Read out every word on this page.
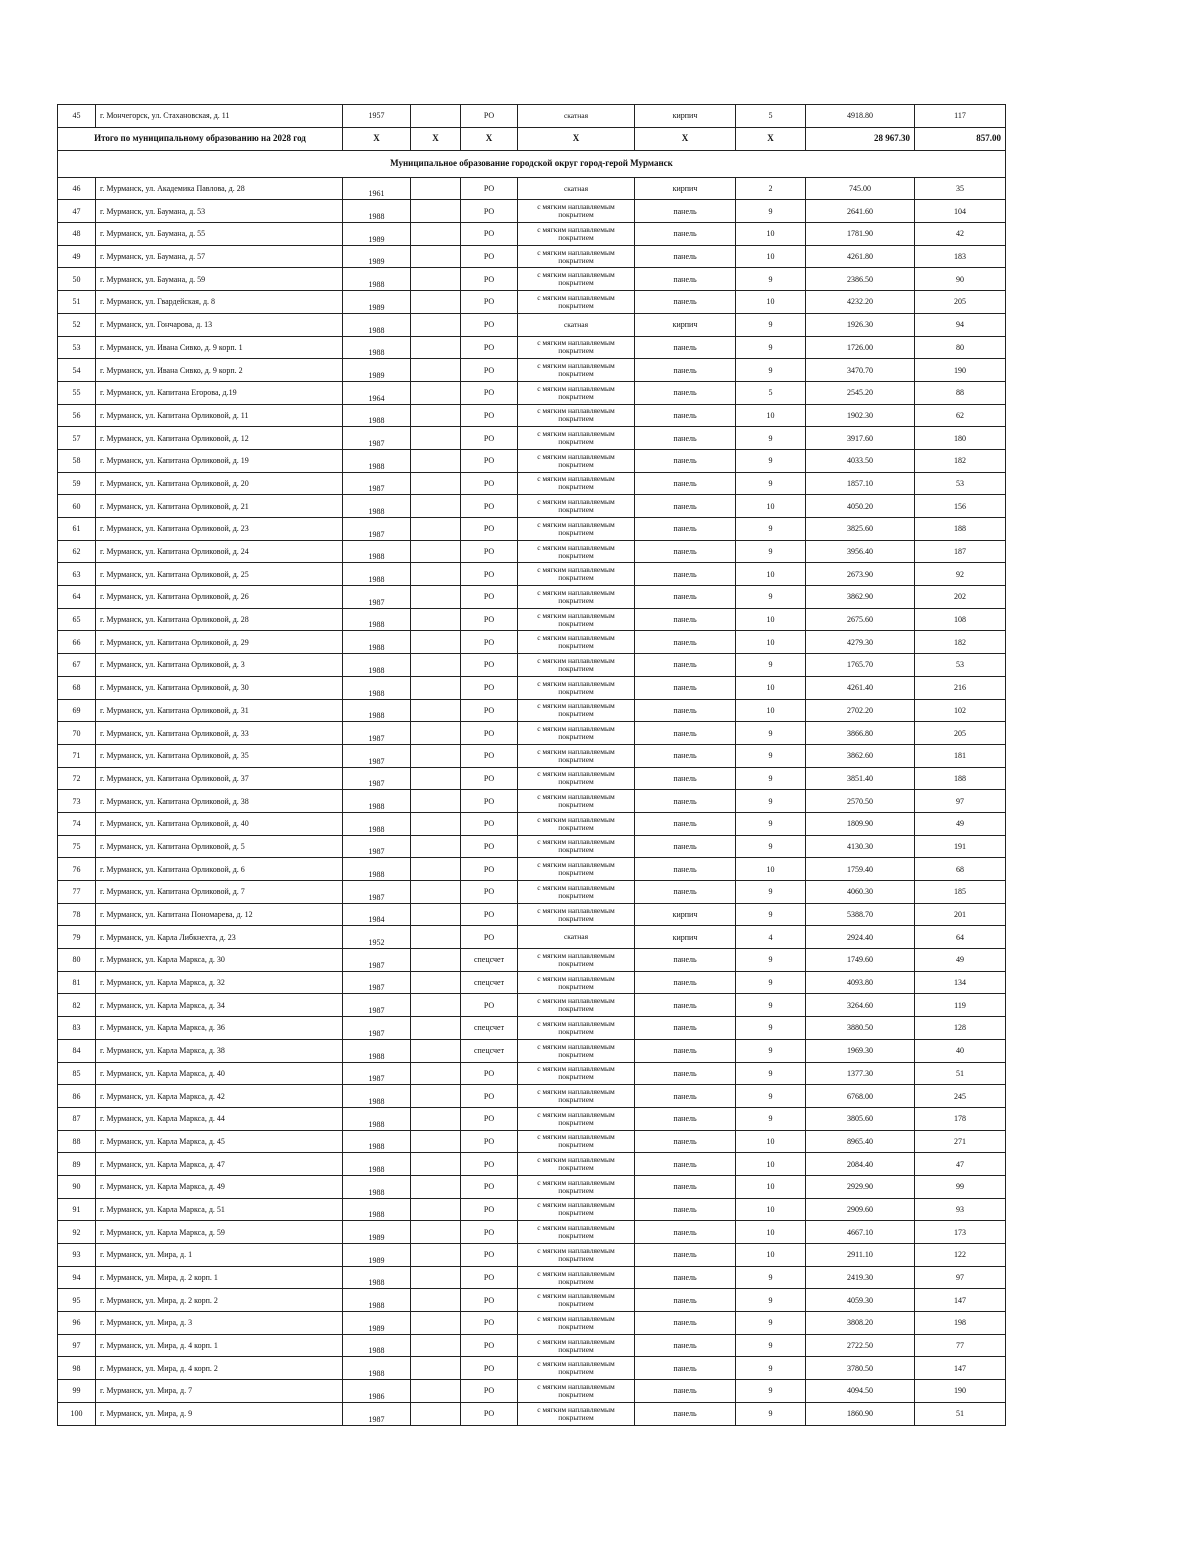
45	г. Мончегорск, ул. Стахановская, д. 11	1957		РО	скатная	кирпич	5	4918.80	117
Итого по муниципальному образованию на 2028 год		X	X	X	X	X	X	28 967.30	857.00
Муниципальное образование городской округ город-герой Мурманск									
46	г. Мурманск, ул. Академика Павлова, д. 28	1961		РО	скатная	кирпич	2	745.00	35
47	г. Мурманск, ул. Баумана, д. 53	1988		РО	с мягким наплавляемым покрытием	панель	9	2641.60	104
48	г. Мурманск, ул. Баумана, д. 55	1989		РО	с мягким наплавляемым покрытием	панель	10	1781.90	42
49	г. Мурманск, ул. Баумана, д. 57	1989		РО	с мягким наплавляемым покрытием	панель	10	4261.80	183
50	г. Мурманск, ул. Баумана, д. 59	1988		РО	с мягким наплавляемым покрытием	панель	9	2386.50	90
51	г. Мурманск, ул. Гвардейская, д. 8	1989		РО	с мягким наплавляемым покрытием	панель	10	4232.20	205
52	г. Мурманск, ул. Гончарова, д. 13	1988		РО	скатная	кирпич	9	1926.30	94
53	г. Мурманск, ул. Ивана Сивко, д. 9 корп. 1	1988		РО	с мягким наплавляемым покрытием	панель	9	1726.00	80
54	г. Мурманск, ул. Ивана Сивко, д. 9 корп. 2	1989		РО	с мягким наплавляемым покрытием	панель	9	3470.70	190
55	г. Мурманск, ул. Капитана Егорова, д.19	1964		РО	с мягким наплавляемым покрытием	панель	5	2545.20	88
56	г. Мурманск, ул. Капитана Орликовой, д. 11	1988		РО	с мягким наплавляемым покрытием	панель	10	1902.30	62
57	г. Мурманск, ул. Капитана Орликовой, д. 12	1987		РО	с мягким наплавляемым покрытием	панель	9	3917.60	180
58	г. Мурманск, ул. Капитана Орликовой, д. 19	1988		РО	с мягким наплавляемым покрытием	панель	9	4033.50	182
59	г. Мурманск, ул. Капитана Орликовой, д. 20	1987		РО	с мягким наплавляемым покрытием	панель	9	1857.10	53
60	г. Мурманск, ул. Капитана Орликовой, д. 21	1988		РО	с мягким наплавляемым покрытием	панель	10	4050.20	156
61	г. Мурманск, ул. Капитана Орликовой, д. 23	1987		РО	с мягким наплавляемым покрытием	панель	9	3825.60	188
62	г. Мурманск, ул. Капитана Орликовой, д. 24	1988		РО	с мягким наплавляемым покрытием	панель	9	3956.40	187
63	г. Мурманск, ул. Капитана Орликовой, д. 25	1988		РО	с мягким наплавляемым покрытием	панель	10	2673.90	92
64	г. Мурманск, ул. Капитана Орликовой, д. 26	1987		РО	с мягким наплавляемым покрытием	панель	9	3862.90	202
65	г. Мурманск, ул. Капитана Орликовой, д. 28	1988		РО	с мягким наплавляемым покрытием	панель	10	2675.60	108
66	г. Мурманск, ул. Капитана Орликовой, д. 29	1988		РО	с мягким наплавляемым покрытием	панель	10	4279.30	182
67	г. Мурманск, ул. Капитана Орликовой, д. 3	1988		РО	с мягким наплавляемым покрытием	панель	9	1765.70	53
68	г. Мурманск, ул. Капитана Орликовой, д. 30	1988		РО	с мягким наплавляемым покрытием	панель	10	4261.40	216
69	г. Мурманск, ул. Капитана Орликовой, д. 31	1988		РО	с мягким наплавляемым покрытием	панель	10	2702.20	102
70	г. Мурманск, ул. Капитана Орликовой, д. 33	1987		РО	с мягким наплавляемым покрытием	панель	9	3866.80	205
71	г. Мурманск, ул. Капитана Орликовой, д. 35	1987		РО	с мягким наплавляемым покрытием	панель	9	3862.60	181
72	г. Мурманск, ул. Капитана Орликовой, д. 37	1987		РО	с мягким наплавляемым покрытием	панель	9	3851.40	188
73	г. Мурманск, ул. Капитана Орликовой, д. 38	1988		РО	с мягким наплавляемым покрытием	панель	9	2570.50	97
74	г. Мурманск, ул. Капитана Орликовой, д. 40	1988		РО	с мягким наплавляемым покрытием	панель	9	1809.90	49
75	г. Мурманск, ул. Капитана Орликовой, д. 5	1987		РО	с мягким наплавляемым покрытием	панель	9	4130.30	191
76	г. Мурманск, ул. Капитана Орликовой, д. 6	1988		РО	с мягким наплавляемым покрытием	панель	10	1759.40	68
77	г. Мурманск, ул. Капитана Орликовой, д. 7	1987		РО	с мягким наплавляемым покрытием	панель	9	4060.30	185
78	г. Мурманск, ул. Капитана Пономарева, д. 12	1984		РО	с мягким наплавляемым покрытием	кирпич	9	5388.70	201
79	г. Мурманск, ул. Карла Либкнехта, д. 23	1952		РО	скатная	кирпич	4	2924.40	64
80	г. Мурманск, ул. Карла Маркса, д. 30	1987		спецсчет	с мягким наплавляемым покрытием	панель	9	1749.60	49
81	г. Мурманск, ул. Карла Маркса, д. 32	1987		спецсчет	с мягким наплавляемым покрытием	панель	9	4093.80	134
82	г. Мурманск, ул. Карла Маркса, д. 34	1987		РО	с мягким наплавляемым покрытием	панель	9	3264.60	119
83	г. Мурманск, ул. Карла Маркса, д. 36	1987		спецсчет	с мягким наплавляемым покрытием	панель	9	3880.50	128
84	г. Мурманск, ул. Карла Маркса, д. 38	1988		спецсчет	с мягким наплавляемым покрытием	панель	9	1969.30	40
85	г. Мурманск, ул. Карла Маркса, д. 40	1987		РО	с мягким наплавляемым покрытием	панель	9	1377.30	51
86	г. Мурманск, ул. Карла Маркса, д. 42	1988		РО	с мягким наплавляемым покрытием	панель	9	6768.00	245
87	г. Мурманск, ул. Карла Маркса, д. 44	1988		РО	с мягким наплавляемым покрытием	панель	9	3805.60	178
88	г. Мурманск, ул. Карла Маркса, д. 45	1988		РО	с мягким наплавляемым покрытием	панель	10	8965.40	271
89	г. Мурманск, ул. Карла Маркса, д. 47	1988		РО	с мягким наплавляемым покрытием	панель	10	2084.40	47
90	г. Мурманск, ул. Карла Маркса, д. 49	1988		РО	с мягким наплавляемым покрытием	панель	10	2929.90	99
91	г. Мурманск, ул. Карла Маркса, д. 51	1988		РО	с мягким наплавляемым покрытием	панель	10	2909.60	93
92	г. Мурманск, ул. Карла Маркса, д. 59	1989		РО	с мягким наплавляемым покрытием	панель	10	4667.10	173
93	г. Мурманск, ул. Мира, д. 1	1989		РО	с мягким наплавляемым покрытием	панель	10	2911.10	122
94	г. Мурманск, ул. Мира, д. 2 корп. 1	1988		РО	с мягким наплавляемым покрытием	панель	9	2419.30	97
95	г. Мурманск, ул. Мира, д. 2 корп. 2	1988		РО	с мягким наплавляемым покрытием	панель	9	4059.30	147
96	г. Мурманск, ул. Мира, д. 3	1989		РО	с мягким наплавляемым покрытием	панель	9	3808.20	198
97	г. Мурманск, ул. Мира, д. 4 корп. 1	1988		РО	с мягким наплавляемым покрытием	панель	9	2722.50	77
98	г. Мурманск, ул. Мира, д. 4 корп. 2	1988		РО	с мягким наплавляемым покрытием	панель	9	3780.50	147
99	г. Мурманск, ул. Мира, д. 7	1986		РО	с мягким наплавляемым покрытием	панель	9	4094.50	190
100	г. Мурманск, ул. Мира, д. 9	1987		РО	с мягким наплавляемым покрытием	панель	9	1860.90	51
